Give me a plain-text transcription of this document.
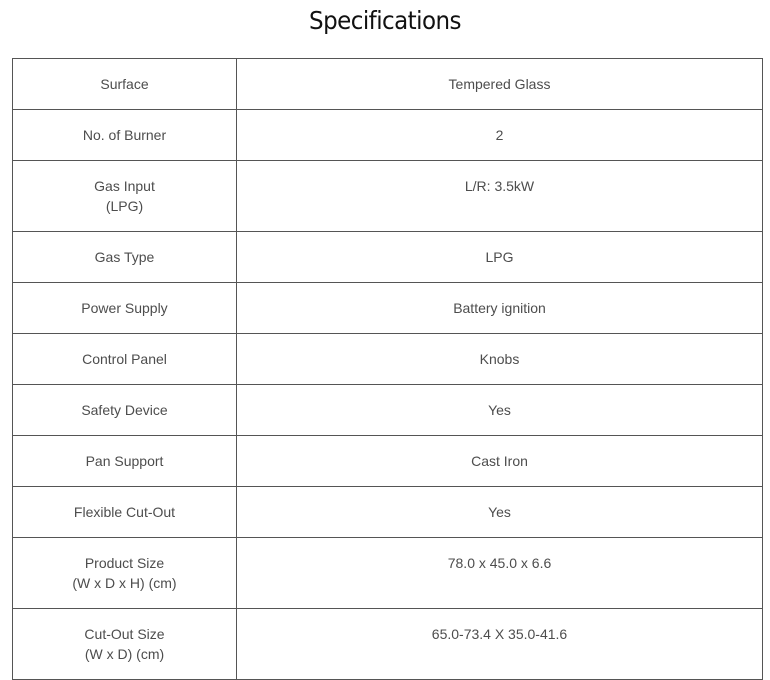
Specifications
Surface	Tempered Glass

No. of Burner	2

Gas Input
(LPG)	L/R: 3.5kW

Gas Type	LPG

Power Supply	Battery ignition

Control Panel	Knobs

Safety Device	Yes

Pan Support	Cast Iron

Flexible Cut-Out	Yes

Product Size
(W x D x H) (cm)	78.0 x 45.0 x 6.6

Cut-Out Size
(W x D) (cm)	65.0-73.4 X 35.0-41.6
